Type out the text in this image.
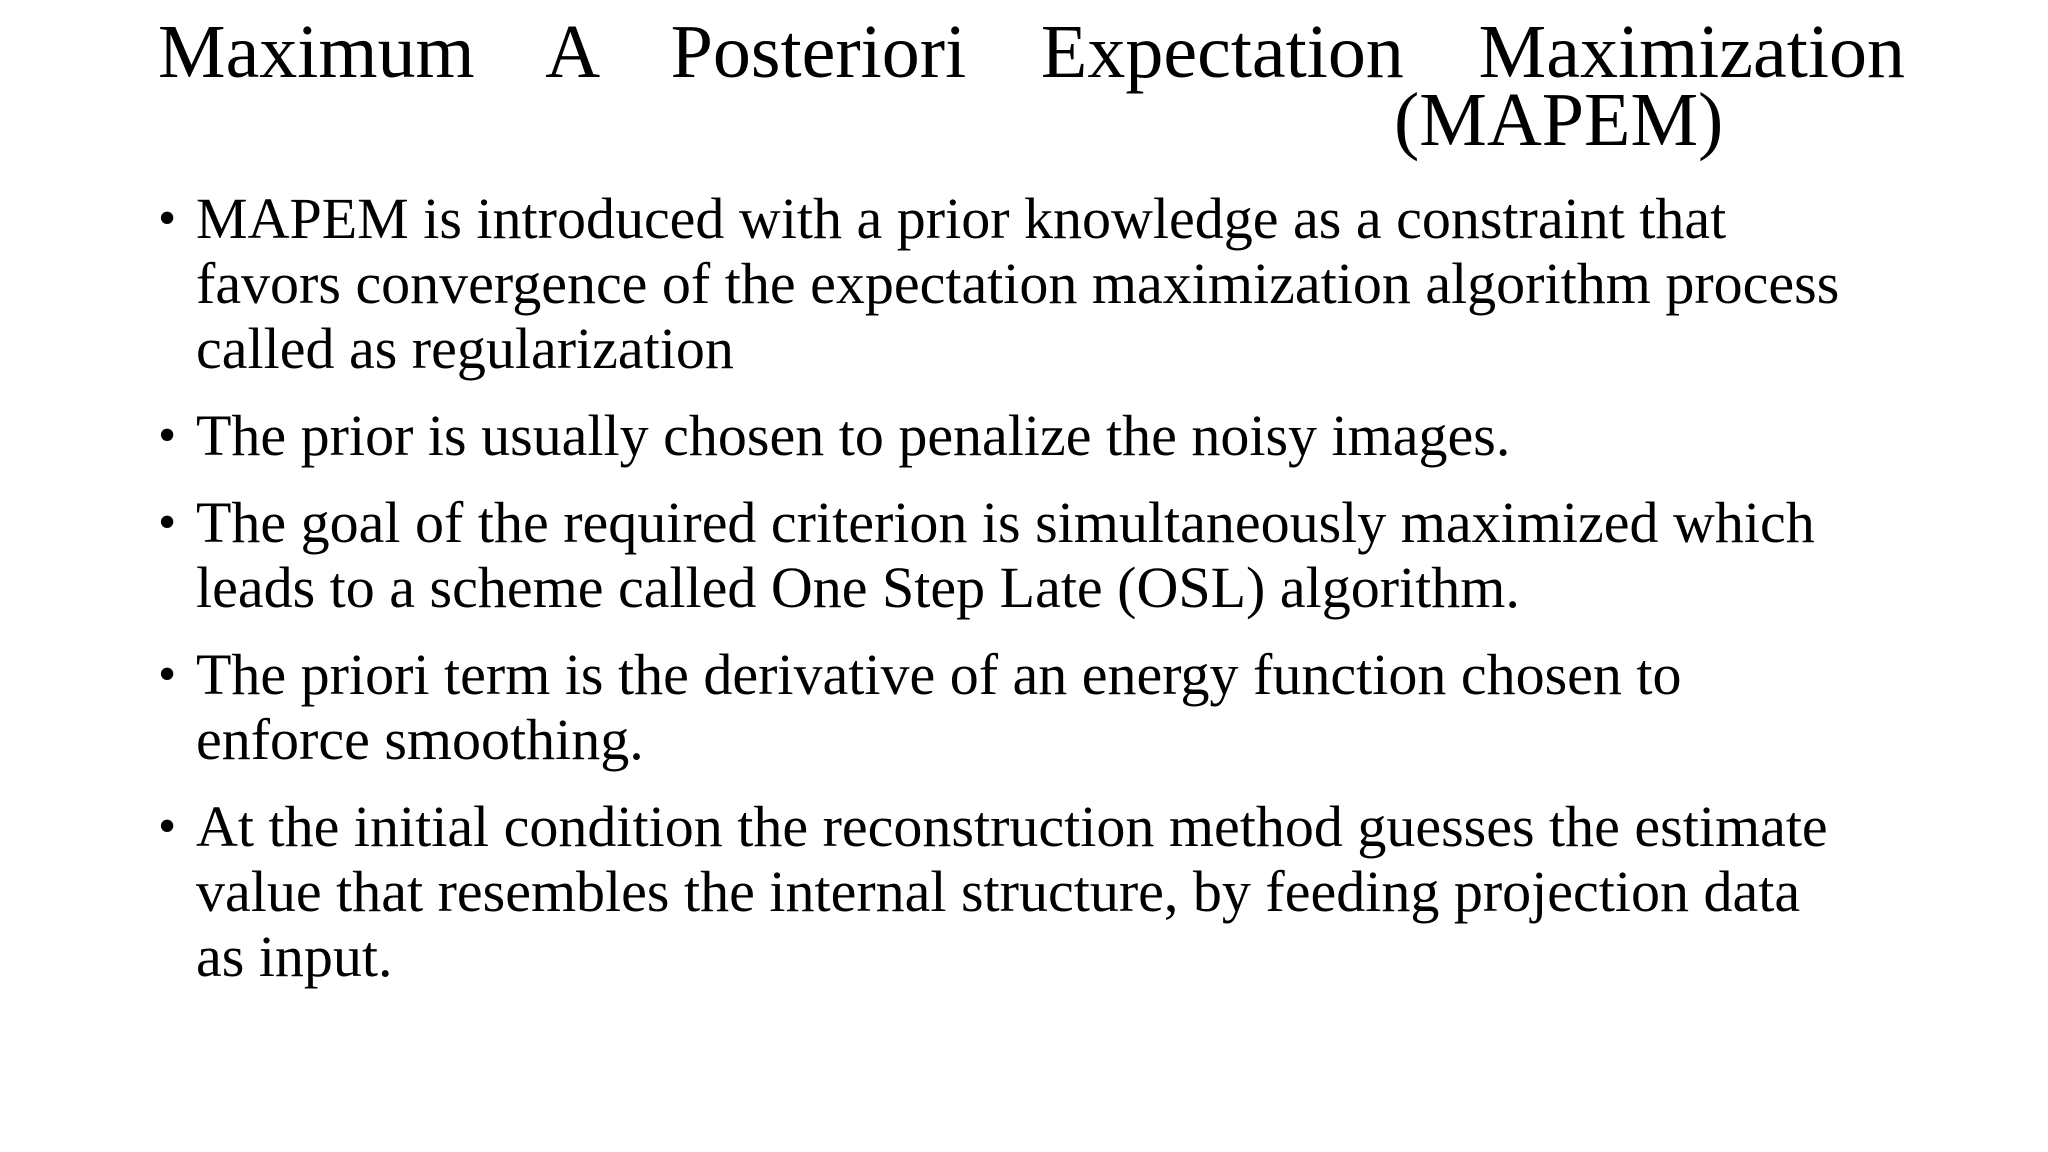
Maximum A Posteriori Expectation Maximization
(MAPEM)
• MAPEM is introduced with a prior knowledge as a constraint that
favors convergence of the expectation maximization algorithm process
called as regularization
• The prior is usually chosen to penalize the noisy images.
• The goal of the required criterion is simultaneously maximized which
leads to a scheme called One Step Late (OSL) algorithm.
• The priori term is the derivative of an energy function chosen to
enforce smoothing.
• At the initial condition the reconstruction method guesses the estimate
value that resembles the internal structure, by feeding projection data
as input.
